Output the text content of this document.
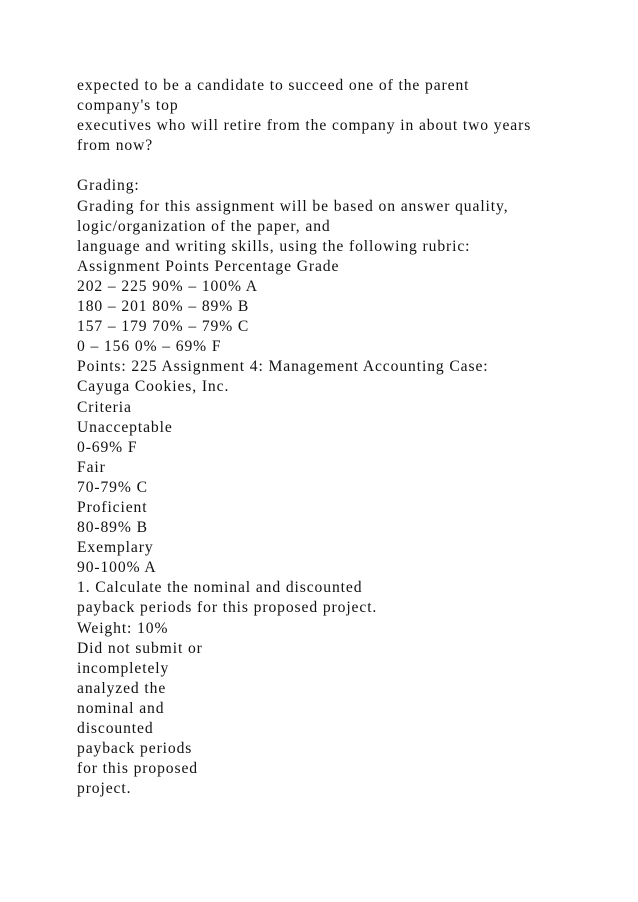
expected to be a candidate to succeed one of the parent
company's top
executives who will retire from the company in about two years
from now?
Grading:
Grading for this assignment will be based on answer quality,
logic/organization of the paper, and
language and writing skills, using the following rubric:
Assignment Points Percentage Grade
202 – 225 90% – 100% A
180 – 201 80% – 89% B
157 – 179 70% – 79% C
0 – 156 0% – 69% F
Points: 225 Assignment 4: Management Accounting Case:
Cayuga Cookies, Inc.
Criteria
Unacceptable
0-69% F
Fair
70-79% C
Proficient
80-89% B
Exemplary
90-100% A
1. Calculate the nominal and discounted
payback periods for this proposed project.
Weight: 10%
Did not submit or
incompletely
analyzed the
nominal and
discounted
payback periods
for this proposed
project.
